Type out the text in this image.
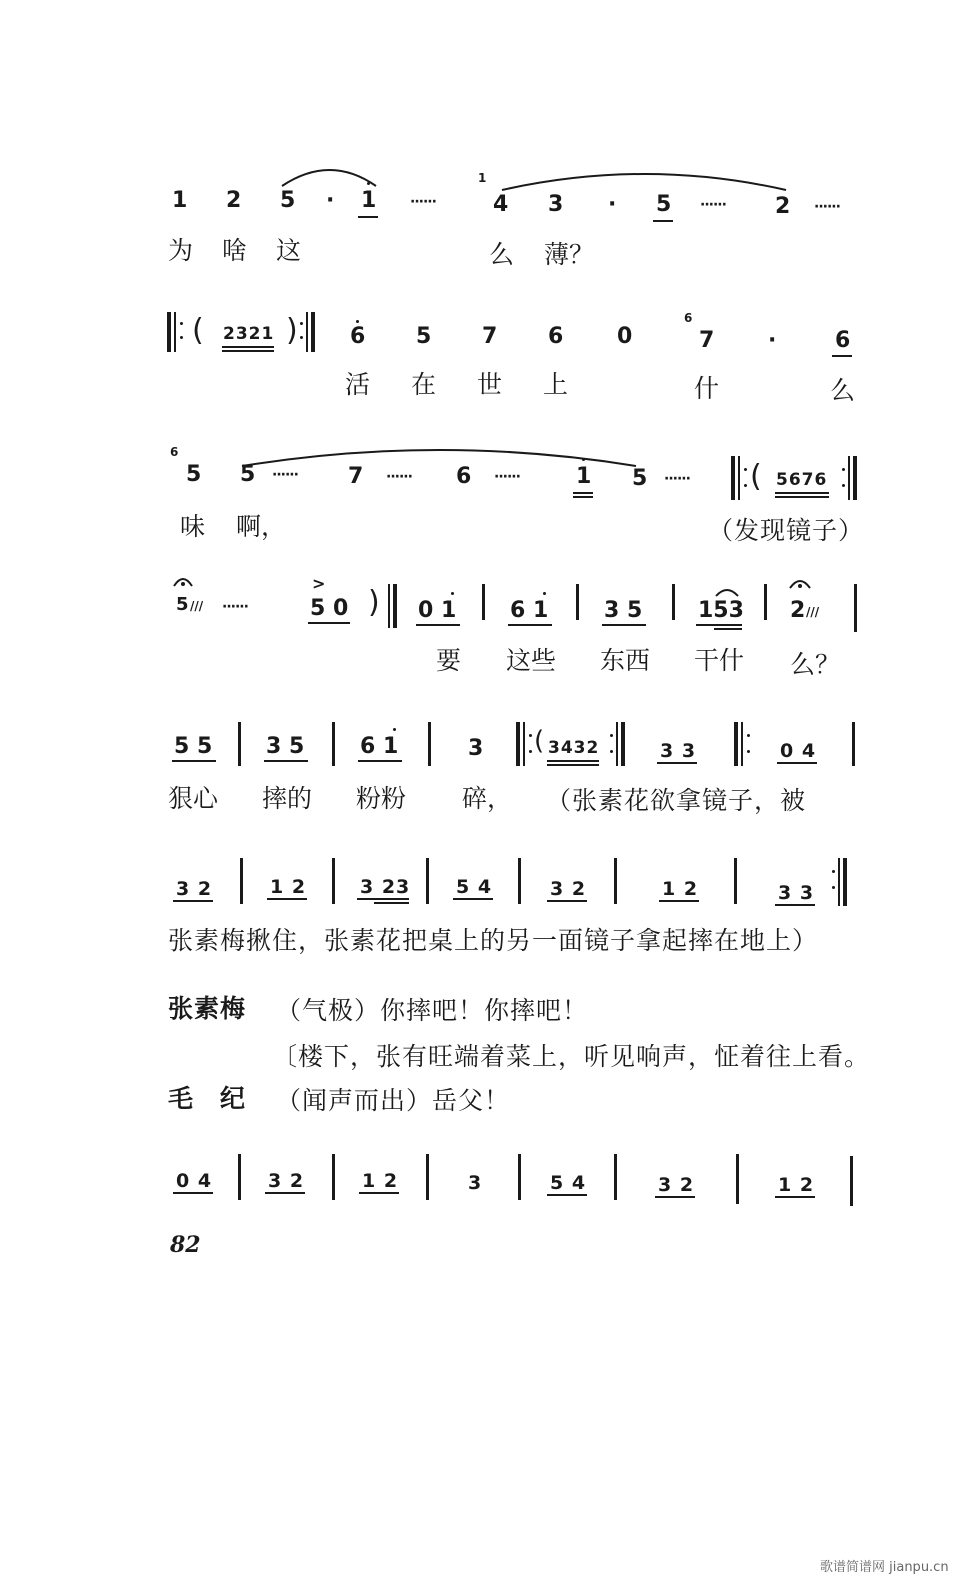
1 2 5 · 1 ······
1
4 3 · 5 ······ 2 ······
为 啥 这	么 薄？
( 2321 ) 6 5 7 6 0
6
7 ·	6
活 在 世 上	什	么
6
5 5 ······ 7 ······ 6 ······	1 5 ······ ( 5676
味 啊，	（发现镜子）
5 /// ······
>
5 0 ) 0 1 6 1	3 5	153 2 ///
要 这些 东西 干什 么？
5 5 3 5	6 1	3 ( 3432	3 3	0 4
狠心 摔的 粉粉 碎， （张素花欲拿镜子，被
3 2	1 2	3 23 5 4	3 2	1 2	3 3
张素梅揪住，张素花把桌上的另一面镜子拿起摔在地上）
张素梅 （气极）你摔吧！你摔吧！
〔楼下，张有旺端着菜上，听见响声，怔着往上看。
毛　纪 （闻声而出）岳父！
0 4	3 2	1 2	3	5 4	3 2	1 2
82
歌谱简谱网 jianpu.cn
